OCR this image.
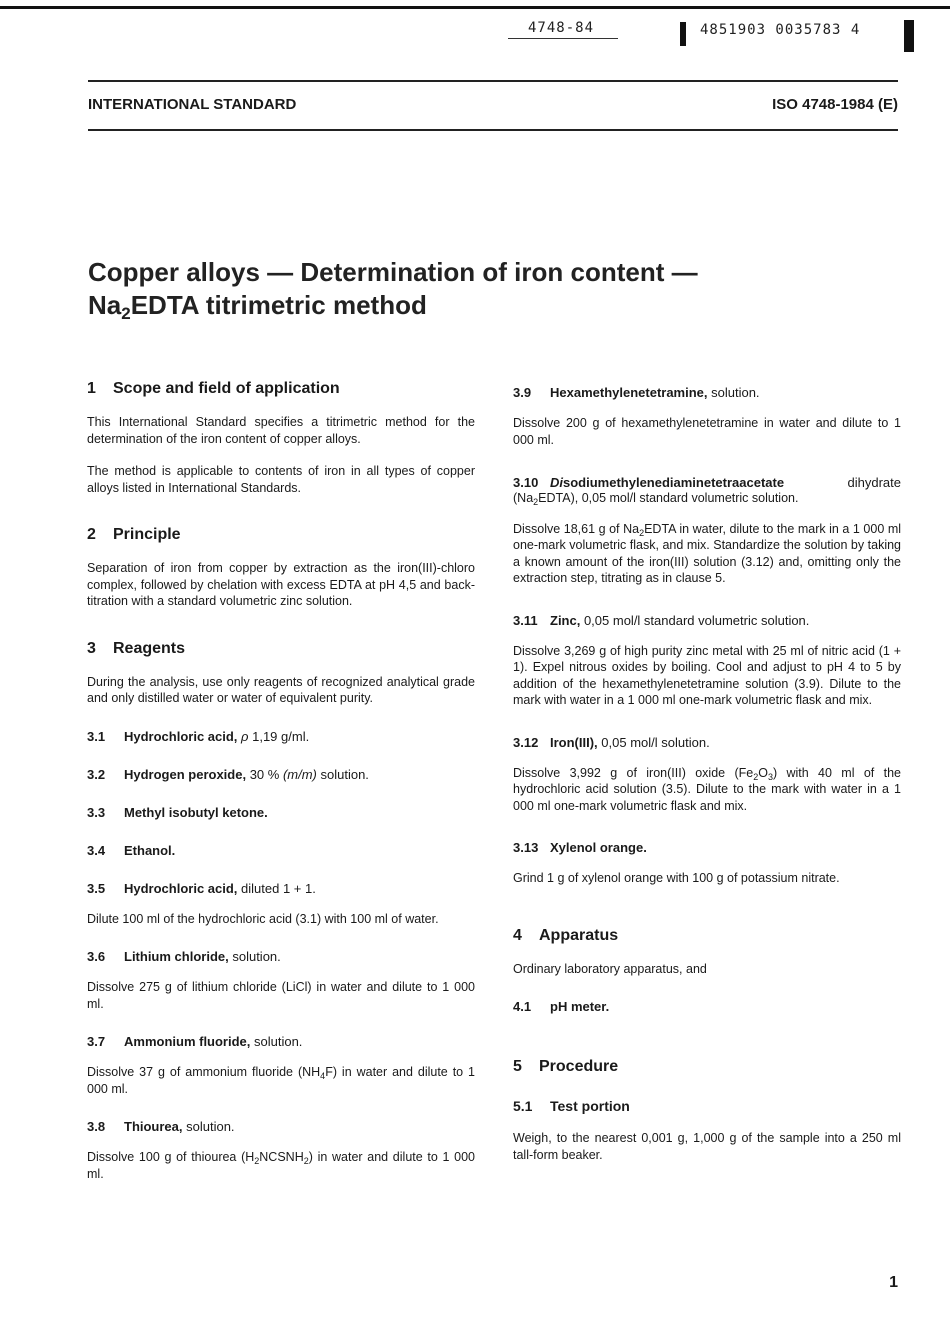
4748-84	4851903 0035783 4
INTERNATIONAL STANDARD	ISO 4748-1984 (E)
Copper alloys — Determination of iron content —
$Na_2EDTA$ titrimetric method
1 Scope and field of application

This International Standard specifies a titrimetric method for the determination of the iron content of copper alloys.

The method is applicable to contents of iron in all types of copper alloys listed in International Standards.

2 Principle

Separation of iron from copper by extraction as the iron(III)-chloro complex, followed by chelation with excess EDTA at pH 4,5 and back-titration with a standard volumetric zinc solution.

3 Reagents

During the analysis, use only reagents of recognized analytical grade and only distilled water or water of equivalent purity.

3.1 Hydrochloric acid, ρ 1,19 g/ml.
3.2 Hydrogen peroxide, 30 % (m/m) solution.
3.3 Methyl isobutyl ketone.
3.4 Ethanol.
3.5 Hydrochloric acid, diluted 1 + 1.

Dilute 100 ml of the hydrochloric acid (3.1) with 100 ml of water.

3.6 Lithium chloride, solution.

Dissolve 275 g of lithium chloride (LiCl) in water and dilute to 1 000 ml.

3.7 Ammonium fluoride, solution.

Dissolve 37 g of ammonium fluoride $(NH_4F)$ in water and dilute to 1 000 ml.

3.8 Thiourea, solution.

Dissolve 100 g of thiourea $(H_2NCSNH_2)$ in water and dilute to 1 000 ml.

3.9 Hexamethylenetetramine, solution.

Dissolve 200 g of hexamethylenetetramine in water and dilute to 1 000 ml.

3.10 Disodiumethylenediaminetetraacetate	dihydrate

$(Na_2EDTA)$, 0,05 mol/l standard volumetric solution.

Dissolve 18,61 g of $Na_2EDTA$ in water, dilute to the mark in a 1 000 ml one-mark volumetric flask, and mix. Standardize the solution by taking a known amount of the iron(III) solution (3.12) and, omitting only the extraction step, titrating as in clause 5.

3.11 Zinc, 0,05 mol/l standard volumetric solution.

Dissolve 3,269 g of high purity zinc metal with 25 ml of nitric acid (1 + 1). Expel nitrous oxides by boiling. Cool and adjust to pH 4 to 5 by addition of the hexamethylenetetramine solution (3.9). Dilute to the mark with water in a 1 000 ml one-mark volumetric flask and mix.

3.12 Iron(III), 0,05 mol/l solution.

Dissolve 3,992 g of iron(III) oxide $(Fe_2O_3)$ with 40 ml of the hydrochloric acid solution (3.5). Dilute to the mark with water in a 1 000 ml one-mark volumetric flask and mix.

3.13 Xylenol orange.

Grind 1 g of xylenol orange with 100 g of potassium nitrate.

4 Apparatus

Ordinary laboratory apparatus, and

4.1 pH meter.
5 Procedure
5.1 Test portion

Weigh, to the nearest 0,001 g, 1,000 g of the sample into a 250 ml tall-form beaker.

1
